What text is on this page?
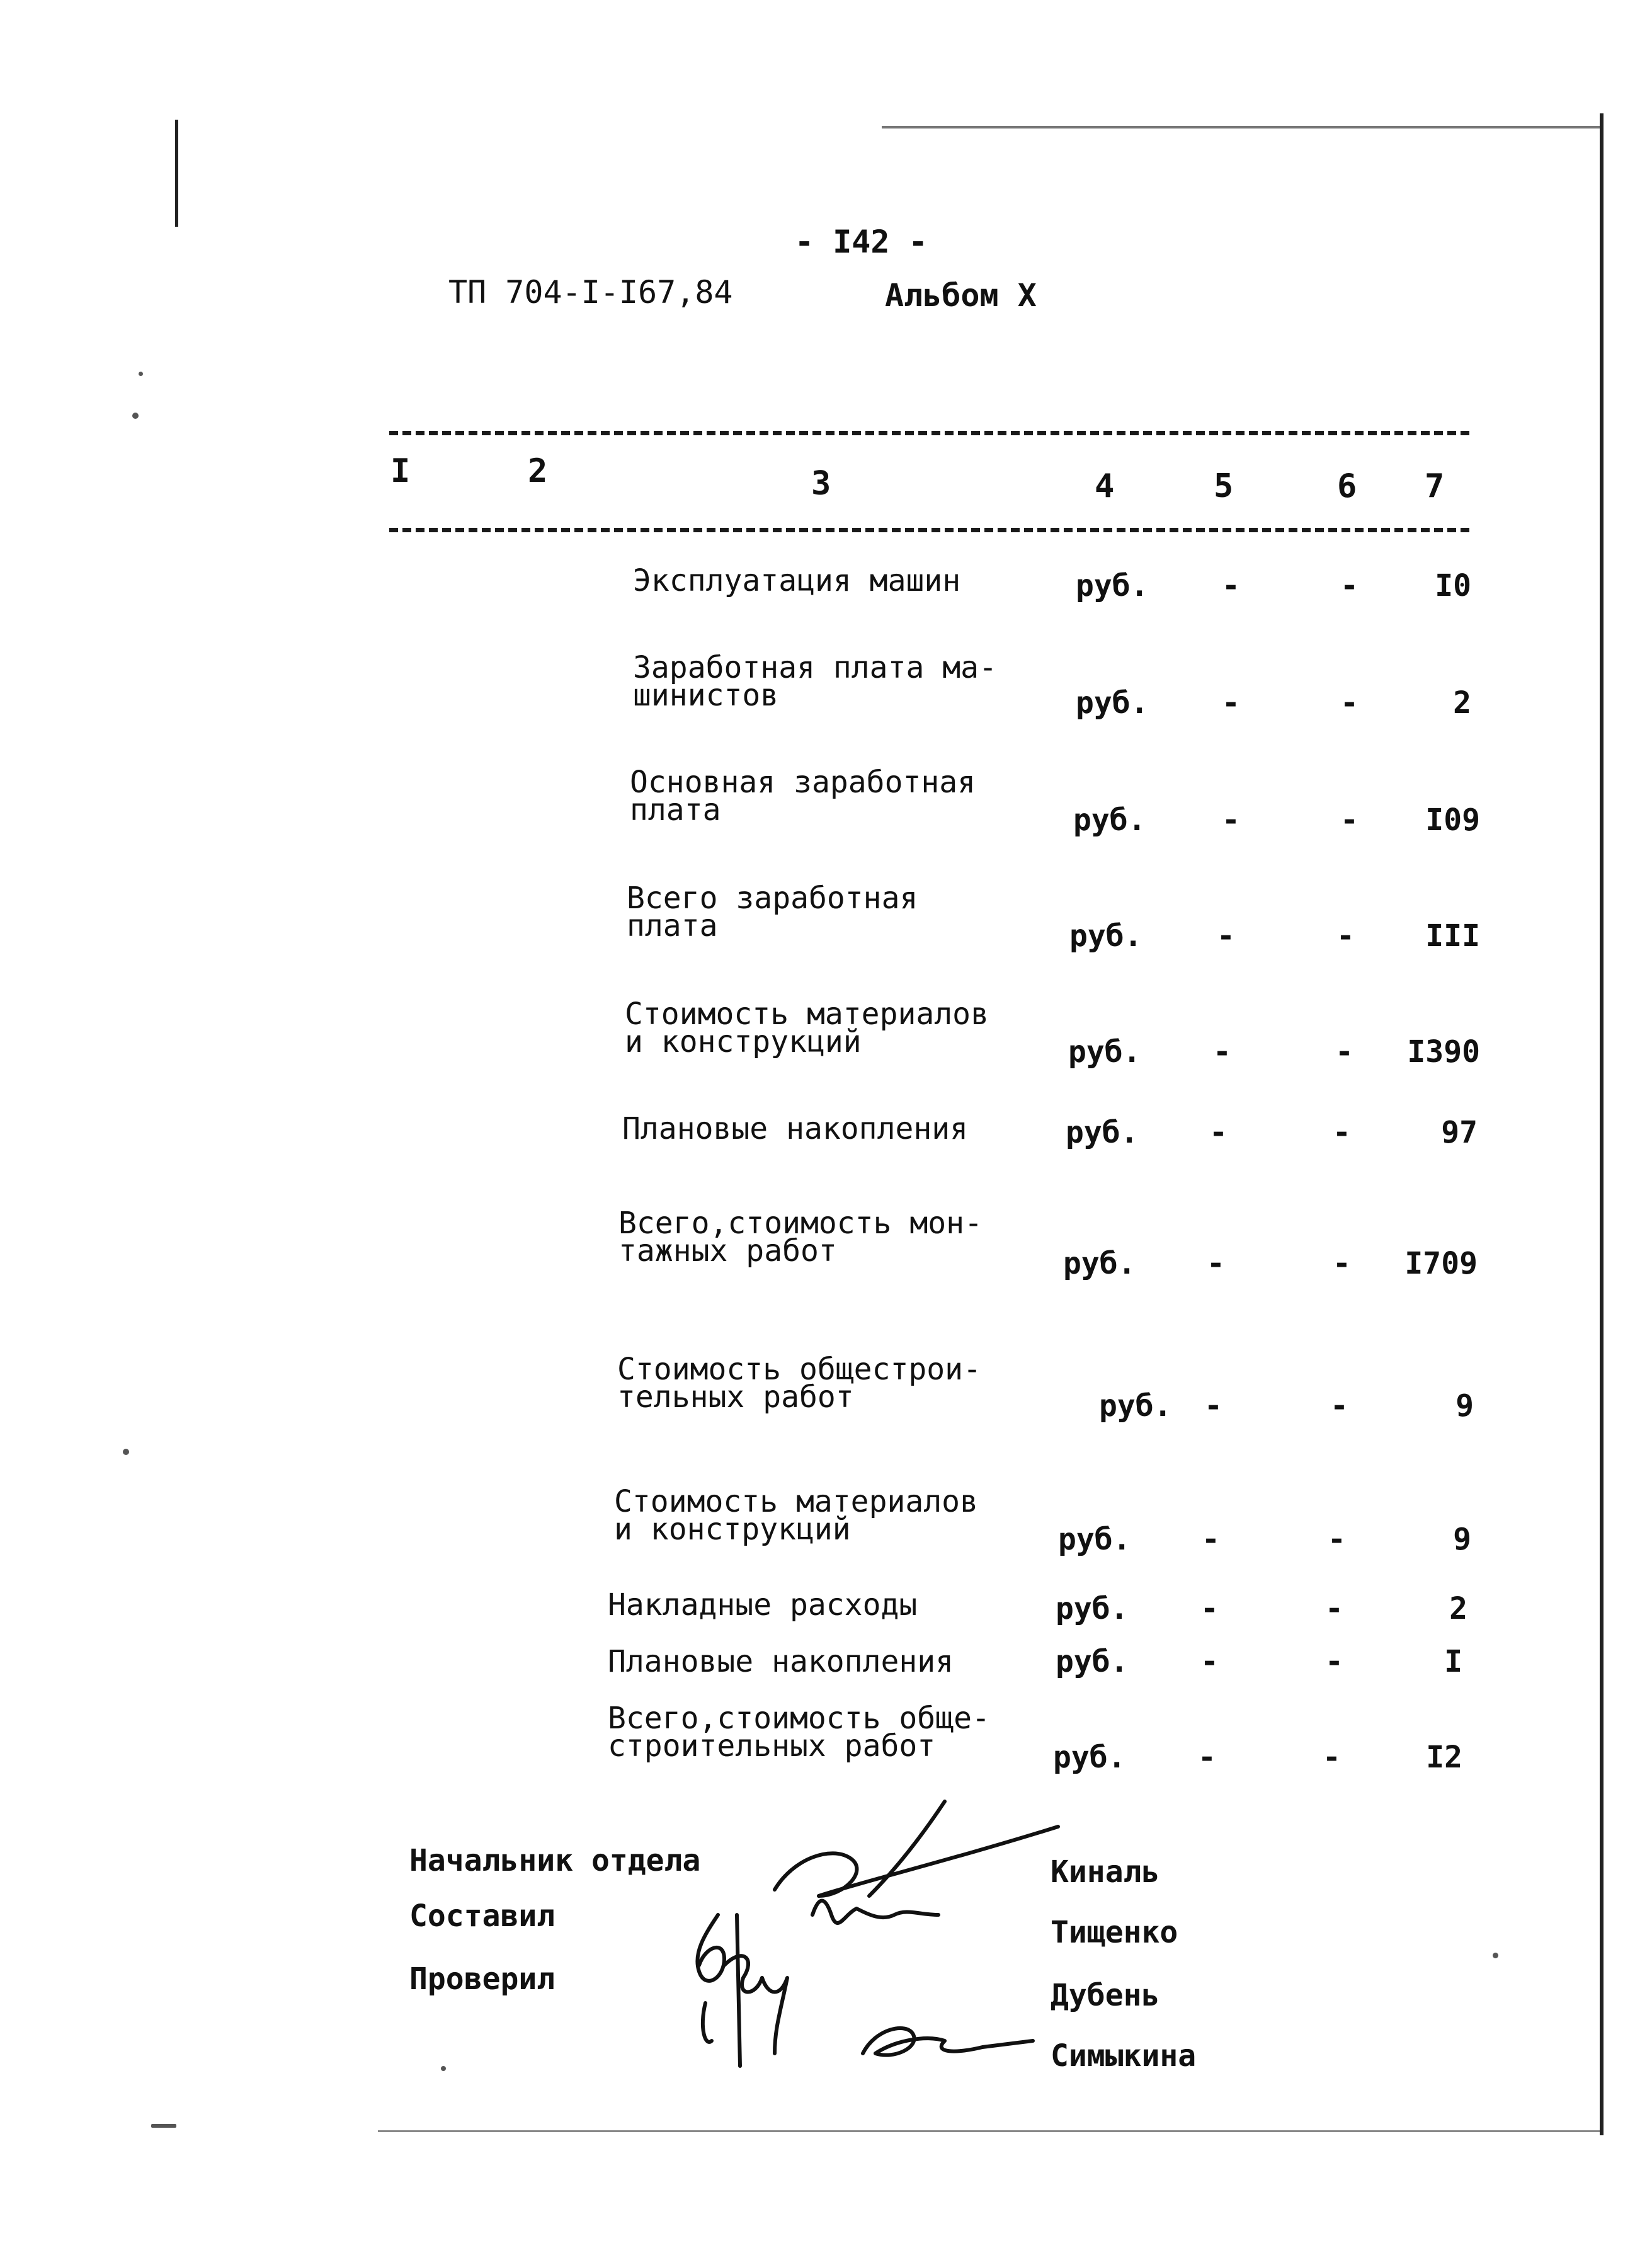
- I42 -
ТП 704-I-I67,84	Альбом X
I	2	3	4	5	6 7
Эксплуатация машин	руб. -	-	I0
Заработная плата ма-
шинистов	руб. -	-	2
Основная заработная
плата	руб.	-	-	I09
Всего заработная
плата	руб. -	-	III
Стоимость материалов
и конструкций	руб. -	-	I390
Плановые накопления	руб. -	-	97
Всего,стоимость мон-
тажных работ	руб. -	-	I709
Стоимость общестрои-
тельных работ	руб. -	-	9
Стоимость материалов
и конструкций	руб. -	-	9
Накладные расходы	руб. -	-	2
Плановые накопления	руб. -	-	I
Всего,стоимость обще-
строительных работ	руб. -	-	I2
Начальник отдела
Составил
Проверил
Киналь
Тищенко
Дубень
Симыкина
